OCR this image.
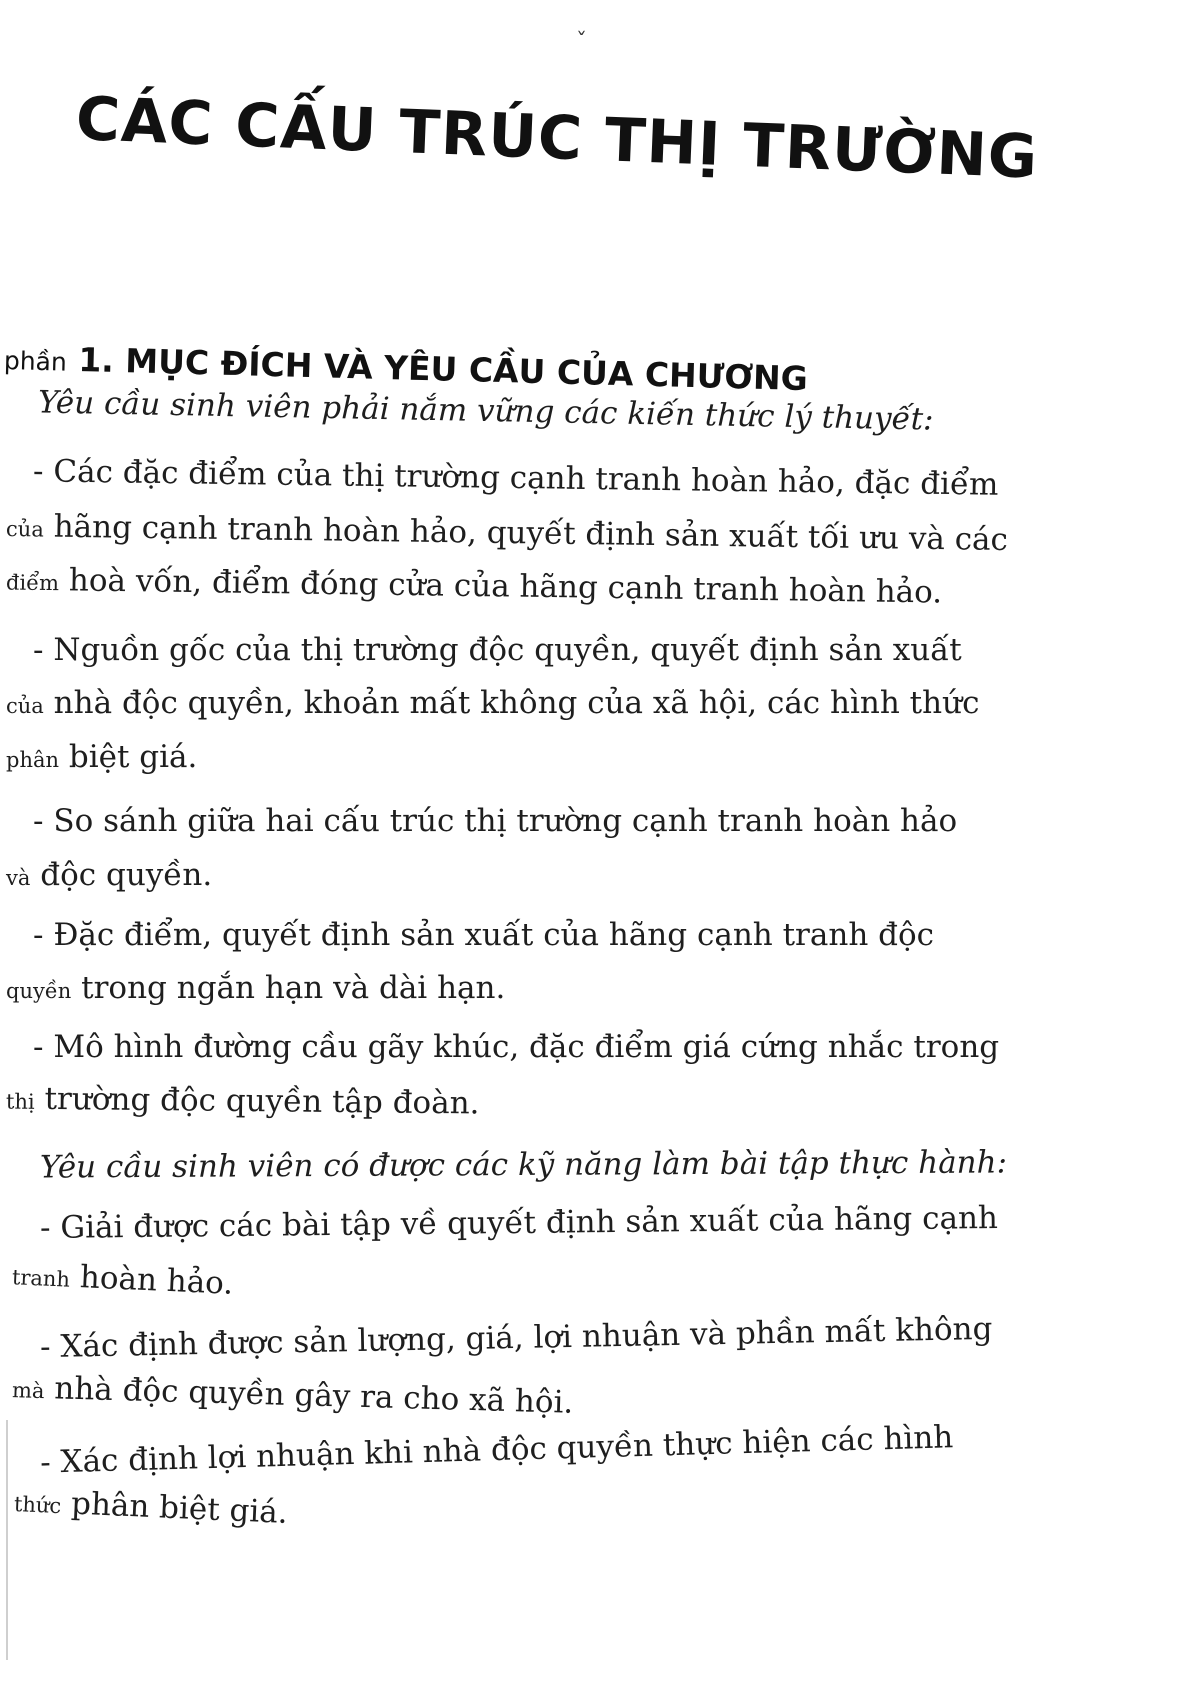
ˇ
CÁC CẤU TRÚC THỊ TRƯỜNG
phần 1. MỤC ĐÍCH VÀ YÊU CẦU CỦA CHƯƠNG
Yêu cầu sinh viên phải nắm vững các kiến thức lý thuyết:
- Các đặc điểm của thị trường cạnh tranh hoàn hảo, đặc điểm
của hãng cạnh tranh hoàn hảo, quyết định sản xuất tối ưu và các
điểm hoà vốn, điểm đóng cửa của hãng cạnh tranh hoàn hảo.
- Nguồn gốc của thị trường độc quyền, quyết định sản xuất
của nhà độc quyền, khoản mất không của xã hội, các hình thức
phân biệt giá.
- So sánh giữa hai cấu trúc thị trường cạnh tranh hoàn hảo
và độc quyền.
- Đặc điểm, quyết định sản xuất của hãng cạnh tranh độc
quyền trong ngắn hạn và dài hạn.
- Mô hình đường cầu gãy khúc, đặc điểm giá cứng nhắc trong
thị trường độc quyền tập đoàn.
Yêu cầu sinh viên có được các kỹ năng làm bài tập thực hành:
- Giải được các bài tập về quyết định sản xuất của hãng cạnh
tranh hoàn hảo.
- Xác định được sản lượng, giá, lợi nhuận và phần mất không
mà nhà độc quyền gây ra cho xã hội.
- Xác định lợi nhuận khi nhà độc quyền thực hiện các hình
thức phân biệt giá.
